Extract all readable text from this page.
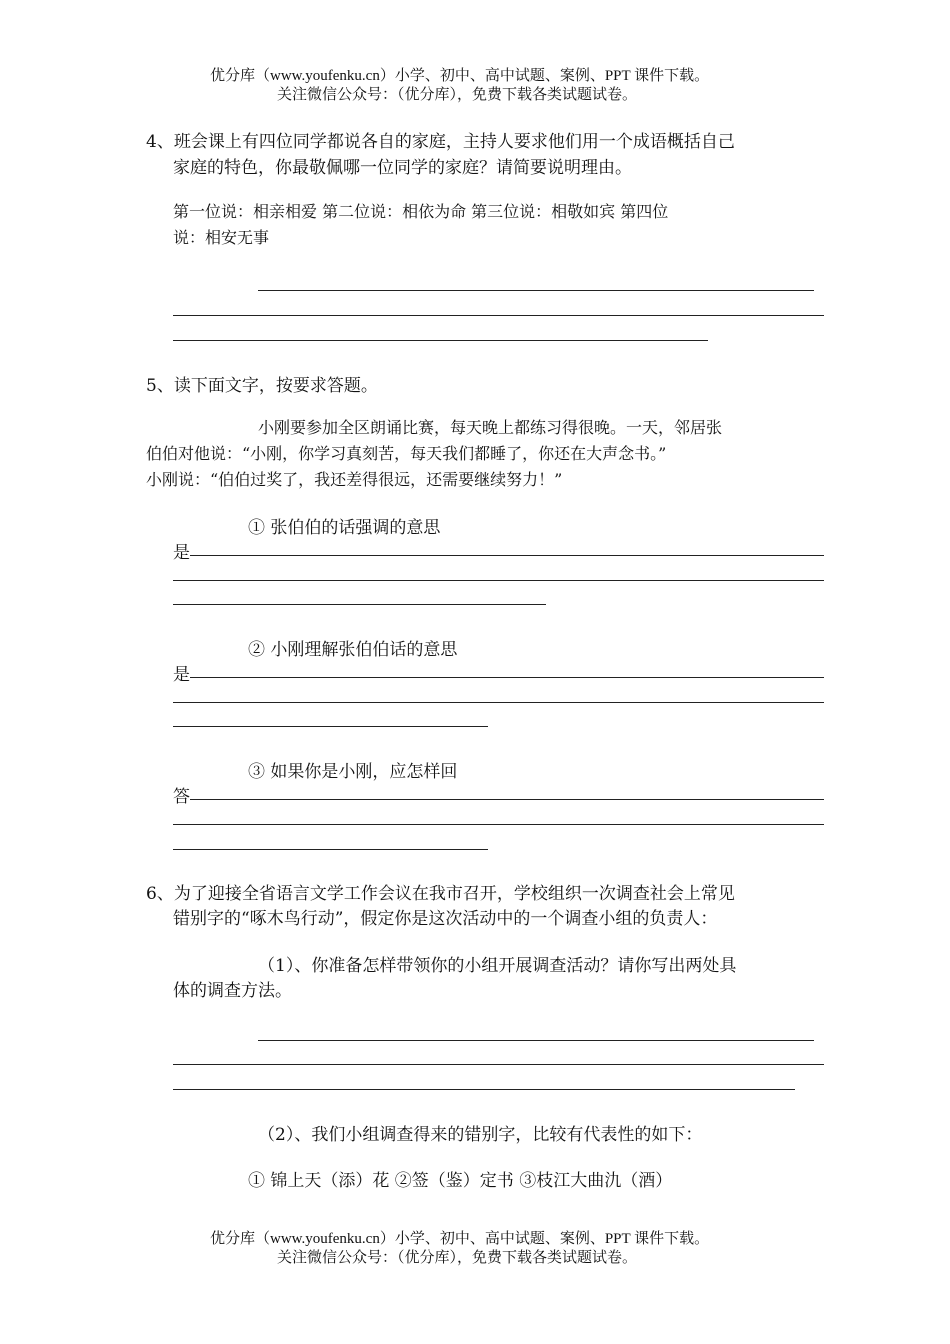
优分库（www.youfenku.cn）小学、初中、高中试题、案例、PPT 课件下载。
关注微信公众号：（优分库），免费下载各类试题试卷。
4、班会课上有四位同学都说各自的家庭，主持人要求他们用一个成语概括自己
家庭的特色，你最敬佩哪一位同学的家庭？请简要说明理由。
第一位说：相亲相爱 第二位说：相依为命 第三位说：相敬如宾 第四位
说：相安无事
5、读下面文字，按要求答题。
小刚要参加全区朗诵比赛，每天晚上都练习得很晚。一天，邻居张
伯伯对他说：“小刚，你学习真刻苦，每天我们都睡了，你还在大声念书。”
小刚说：“伯伯过奖了，我还差得很远，还需要继续努力！”
① 张伯伯的话强调的意思
是
② 小刚理解张伯伯话的意思
是
③ 如果你是小刚，应怎样回
答
6、为了迎接全省语言文学工作会议在我市召开，学校组织一次调查社会上常见
错别字的“啄木鸟行动”，假定你是这次活动中的一个调查小组的负责人：
（1）、你准备怎样带领你的小组开展调查活动？请你写出两处具
体的调查方法。
（2）、我们小组调查得来的错别字，比较有代表性的如下：
① 锦上天（添）花 ②签（鉴）定书 ③枝江大曲氿（酒）
优分库（www.youfenku.cn）小学、初中、高中试题、案例、PPT 课件下载。
关注微信公众号：（优分库），免费下载各类试题试卷。
